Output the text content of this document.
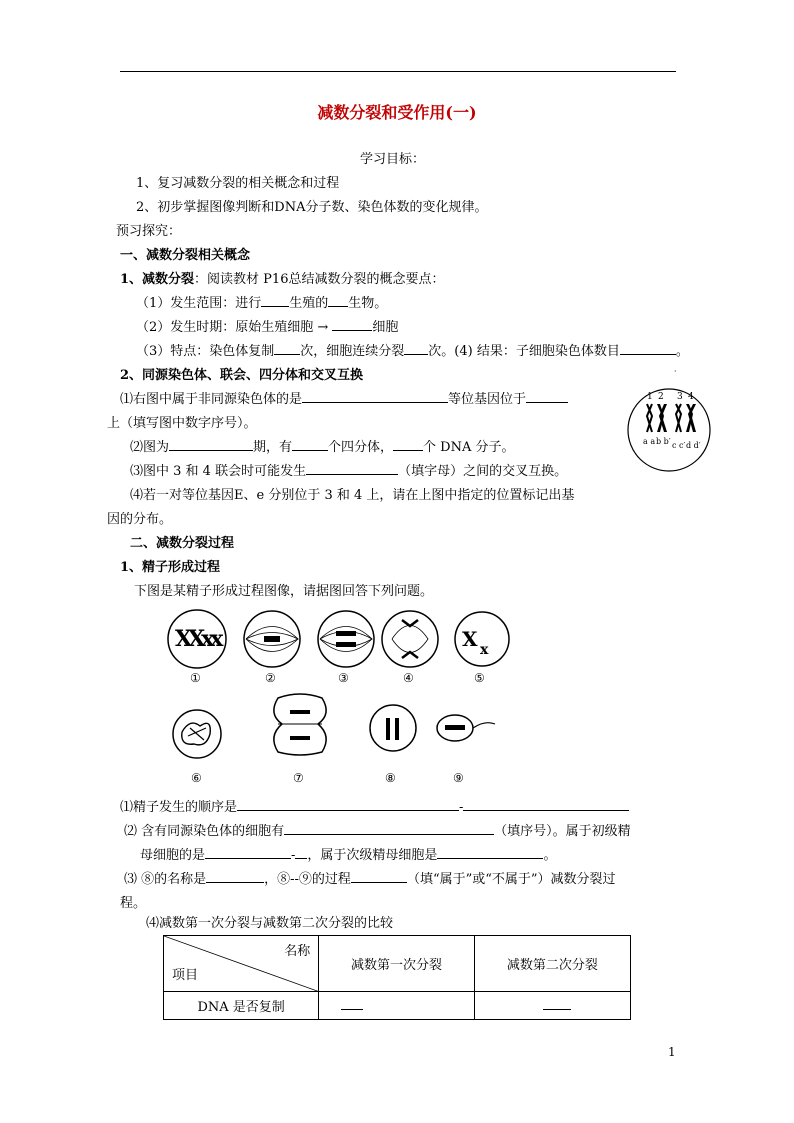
减数分裂和受作用(一)
学习目标：
1、复习减数分裂的相关概念和过程
2、初步掌握图像判断和DNA分子数、染色体数的变化规律。
预习探究：
一、减数分裂相关概念
1、减数分裂：阅读教材 P16总结减数分裂的概念要点：
（1）发生范围：进行 生殖的 生物。
（2）发生时期：原始生殖细胞 →	细胞
（3）特点：染色体复制 次，细胞连续分裂 次。(4) 结果：子细胞染色体数目	。
2、同源染色体、联会、四分体和交叉互换
⑴右图中属于非同源染色体的是	等位基因位于
上（填写图中数字序号）。
⑵图为	期，有	个四分体， 个 DNA 分子。
⑶图中 3 和 4 联会时可能发生	（填字母）之间的交叉互换。
⑷若一对等位基因E、e 分别位于 3 和 4 上，请在上图中指定的位置标记出基
因的分布。
·
1 2 3 4
a a b b′ c c′ d d′
二、减数分裂过程
1、精子形成过程
下图是某精子形成过程图像，请据图回答下列问题。
XXxx	X x
①	②	③	④	⑤
⑥	⑦	⑧	⑨
⑴精子发生的顺序是	-
⑵ 含有同源染色体的细胞有	（填序号）。属于初级精
母细胞的是	- ，属于次级精母细胞是	。
⑶ ⑧的名称是	，⑧--⑨的过程	（填“属于”或“不属于”）减数分裂过
程。
⑷减数第一次分裂与减数第二次分裂的比较
名称
项目	减数第一次分裂	减数第二次分裂
DNA 是否复制		
1
